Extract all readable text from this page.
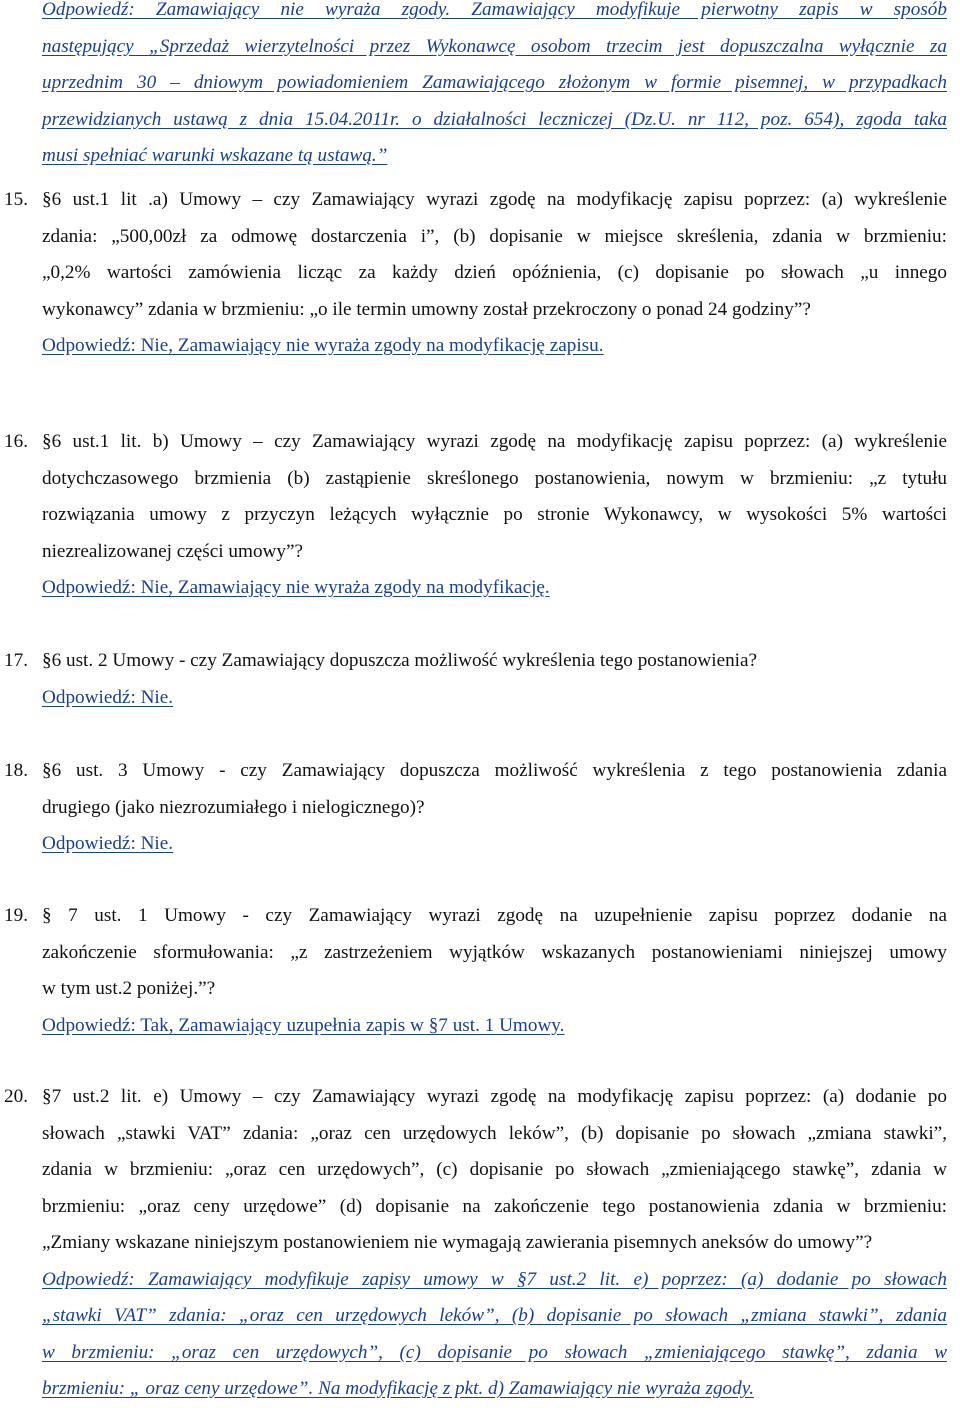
Odpowiedź: Zamawiający nie wyraża zgody. Zamawiający modyfikuje pierwotny zapis w sposób
następujący „Sprzedaż wierzytelności przez Wykonawcę osobom trzecim jest dopuszczalna wyłącznie za
uprzednim 30 – dniowym powiadomieniem Zamawiającego złożonym w formie pisemnej, w przypadkach
przewidzianych ustawą z dnia 15.04.2011r. o działalności leczniczej (Dz.U. nr 112, poz. 654), zgoda taka
musi spełniać warunki wskazane tą ustawą.”
15. §6 ust.1 lit .a) Umowy – czy Zamawiający wyrazi zgodę na modyfikację zapisu poprzez: (a) wykreślenie
zdania: „500,00zł za odmowę dostarczenia i”, (b) dopisanie w miejsce skreślenia, zdania w brzmieniu:
„0,2% wartości zamówienia licząc za każdy dzień opóźnienia, (c) dopisanie po słowach „u innego
wykonawcy” zdania w brzmieniu: „o ile termin umowny został przekroczony o ponad 24 godziny”?
Odpowiedź: Nie, Zamawiający nie wyraża zgody na modyfikację zapisu.
16. §6 ust.1 lit. b) Umowy – czy Zamawiający wyrazi zgodę na modyfikację zapisu poprzez: (a) wykreślenie
dotychczasowego brzmienia (b) zastąpienie skreślonego postanowienia, nowym w brzmieniu: „z tytułu
rozwiązania umowy z przyczyn leżących wyłącznie po stronie Wykonawcy, w wysokości 5% wartości
niezrealizowanej części umowy”?
Odpowiedź: Nie, Zamawiający nie wyraża zgody na modyfikację.
17. §6 ust. 2 Umowy - czy Zamawiający dopuszcza możliwość wykreślenia tego postanowienia?
Odpowiedź: Nie.
18. §6 ust. 3 Umowy - czy Zamawiający dopuszcza możliwość wykreślenia z tego postanowienia zdania
drugiego (jako niezrozumiałego i nielogicznego)?
Odpowiedź: Nie.
19. § 7 ust. 1 Umowy - czy Zamawiający wyrazi zgodę na uzupełnienie zapisu poprzez dodanie na
zakończenie sformułowania: „z zastrzeżeniem wyjątków wskazanych postanowieniami niniejszej umowy
w tym ust.2 poniżej.”?
Odpowiedź: Tak, Zamawiający uzupełnia zapis w §7 ust. 1 Umowy.
20. §7 ust.2 lit. e) Umowy – czy Zamawiający wyrazi zgodę na modyfikację zapisu poprzez: (a) dodanie po
słowach „stawki VAT” zdania: „oraz cen urzędowych leków”, (b) dopisanie po słowach „zmiana stawki”,
zdania w brzmieniu: „oraz cen urzędowych”, (c) dopisanie po słowach „zmieniającego stawkę”, zdania w
brzmieniu: „oraz ceny urzędowe” (d) dopisanie na zakończenie tego postanowienia zdania w brzmieniu:
„Zmiany wskazane niniejszym postanowieniem nie wymagają zawierania pisemnych aneksów do umowy”?
Odpowiedź: Zamawiający modyfikuje zapisy umowy w §7 ust.2 lit. e) poprzez: (a) dodanie po słowach
„stawki VAT” zdania: „oraz cen urzędowych leków”, (b) dopisanie po słowach „zmiana stawki”, zdania
w brzmieniu: „oraz cen urzędowych”, (c) dopisanie po słowach „zmieniającego stawkę”, zdania w
brzmieniu: „ oraz ceny urzędowe”. Na modyfikację z pkt. d) Zamawiający nie wyraża zgody.
